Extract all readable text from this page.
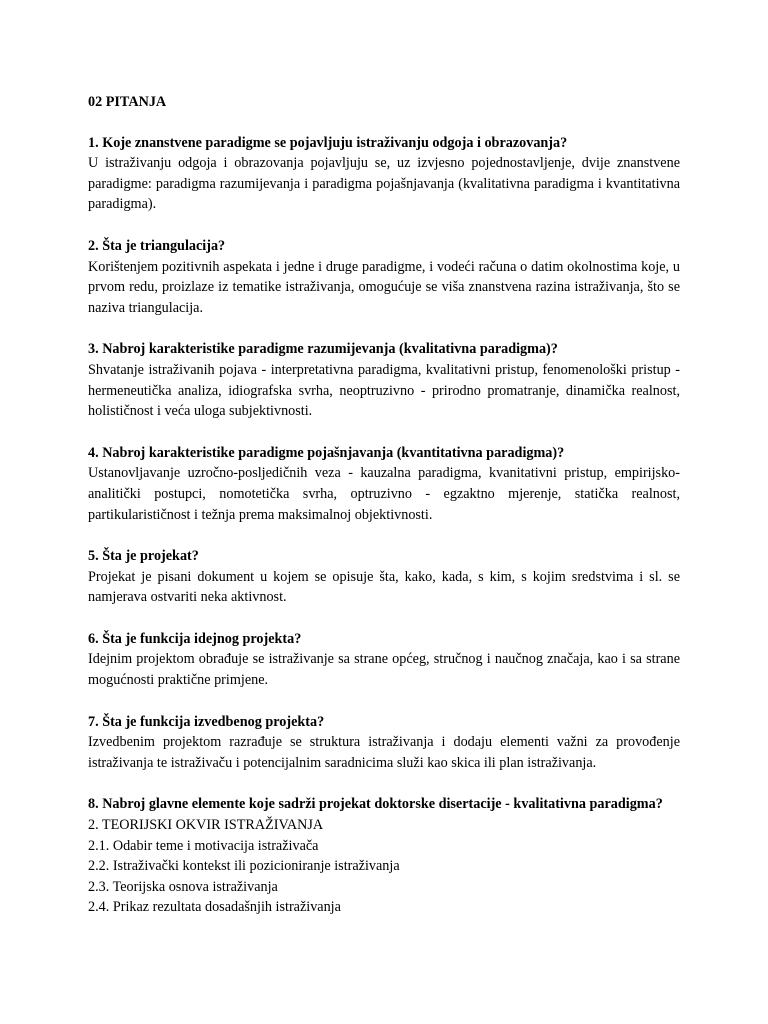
02 PITANJA
1. Koje znanstvene paradigme se pojavljuju istraživanju odgoja i obrazovanja?
U istraživanju odgoja i obrazovanja pojavljuju se, uz izvjesno pojednostavljenje, dvije znanstvene paradigme: paradigma razumijevanja i paradigma pojašnjavanja (kvalitativna paradigma i kvantitativna paradigma).
2. Šta je triangulacija?
Korištenjem pozitivnih aspekata i jedne i druge paradigme, i vodeći računa o datim okolnostima koje, u prvom redu, proizlaze iz tematike istraživanja, omogućuje se viša znanstvena razina istraživanja, što se naziva triangulacija.
3. Nabroj karakteristike paradigme razumijevanja (kvalitativna paradigma)?
Shvatanje istraživanih pojava - interpretativna paradigma, kvalitativni pristup, fenomenološki pristup - hermeneutička analiza, idiografska svrha, neoptruzivno - prirodno promatranje, dinamička realnost, holističnost i veća uloga subjektivnosti.
4. Nabroj karakteristike paradigme pojašnjavanja (kvantitativna paradigma)?
Ustanovljavanje uzročno-posljedičnih veza - kauzalna paradigma, kvanitativni pristup, empirijsko-analitički postupci, nomotetička svrha, optruzivno - egzaktno mjerenje, statička realnost, partikularističnost i težnja prema maksimalnoj objektivnosti.
5. Šta je projekat?
Projekat je pisani dokument u kojem se opisuje šta, kako, kada, s kim, s kojim sredstvima i sl. se namjerava ostvariti neka aktivnost.
6. Šta je funkcija idejnog projekta?
Idejnim projektom obrađuje se istraživanje sa strane općeg, stručnog i naučnog značaja, kao i sa strane mogućnosti praktične primjene.
7. Šta je funkcija izvedbenog projekta?
Izvedbenim projektom razrađuje se struktura istraživanja i dodaju elementi važni za provođenje istraživanja te istraživaču i potencijalnim saradnicima služi kao skica ili plan istraživanja.
8. Nabroj glavne elemente koje sadrži projekat doktorske disertacije - kvalitativna paradigma?
2. TEORIJSKI OKVIR ISTRAŽIVANJA
2.1. Odabir teme i motivacija istraživača
2.2. Istraživački kontekst ili pozicioniranje istraživanja
2.3. Teorijska osnova istraživanja
2.4. Prikaz rezultata dosadašnjih istraživanja
